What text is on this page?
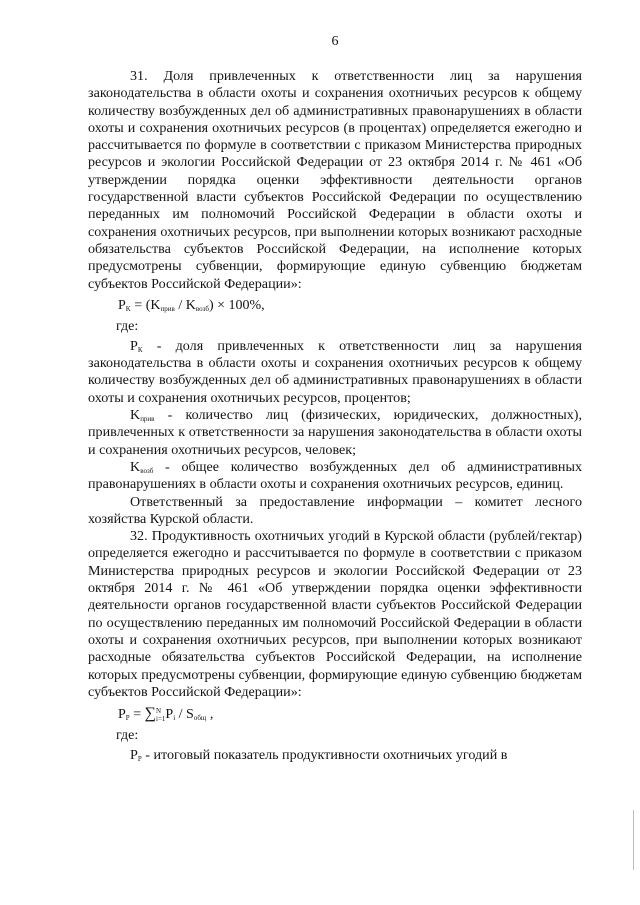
6

31. Доля привлеченных к ответственности лиц за нарушения законодательства в области охоты и сохранения охотничьих ресурсов к общему количеству возбужденных дел об административных правонарушениях в области охоты и сохранения охотничьих ресурсов (в процентах) определяется ежегодно и рассчитывается по формуле в соответствии с приказом Министерства природных ресурсов и экологии Российской Федерации от 23 октября 2014 г. № 461 «Об утверждении порядка оценки эффективности деятельности органов государственной власти субъектов Российской Федерации по осуществлению переданных им полномочий Российской Федерации в области охоты и сохранения охотничьих ресурсов, при выполнении которых возникают расходные обязательства субъектов Российской Федерации, на исполнение которых предусмотрены субвенции, формирующие единую субвенцию бюджетам субъектов Российской Федерации»:

$P_K = (K_{прив} / K_{возб}) \times 100\%$,
где:

$P_К$ - доля привлеченных к ответственности лиц за нарушения законодательства в области охоты и сохранения охотничьих ресурсов к общему количеству возбужденных дел об административных правонарушениях в области охоты и сохранения охотничьих ресурсов, процентов;

$K_{прив}$ - количество лиц (физических, юридических, должностных), привлеченных к ответственности за нарушения законодательства в области охоты и сохранения охотничьих ресурсов, человек;

$K_{возб}$ - общее количество возбужденных дел об административных правонарушениях в области охоты и сохранения охотничьих ресурсов, единиц.

Ответственный за предоставление информации – комитет лесного хозяйства Курской области.

32. Продуктивность охотничьих угодий в Курской области (рублей/гектар) определяется ежегодно и рассчитывается по формуле в соответствии с приказом Министерства природных ресурсов и экологии Российской Федерации от 23 октября 2014 г. № 461 «Об утверждении порядка оценки эффективности деятельности органов государственной власти субъектов Российской Федерации по осуществлению переданных им полномочий Российской Федерации в области охоты и сохранения охотничьих ресурсов, при выполнении которых возникают расходные обязательства субъектов Российской Федерации, на исполнение которых предусмотрены субвенции, формирующие единую субвенцию бюджетам субъектов Российской Федерации»:

$P_P = \sum N$
$i=1P_i / S_{общ}$ ,
где:

$P_P$ - итоговый показатель продуктивности охотничьих угодий в
